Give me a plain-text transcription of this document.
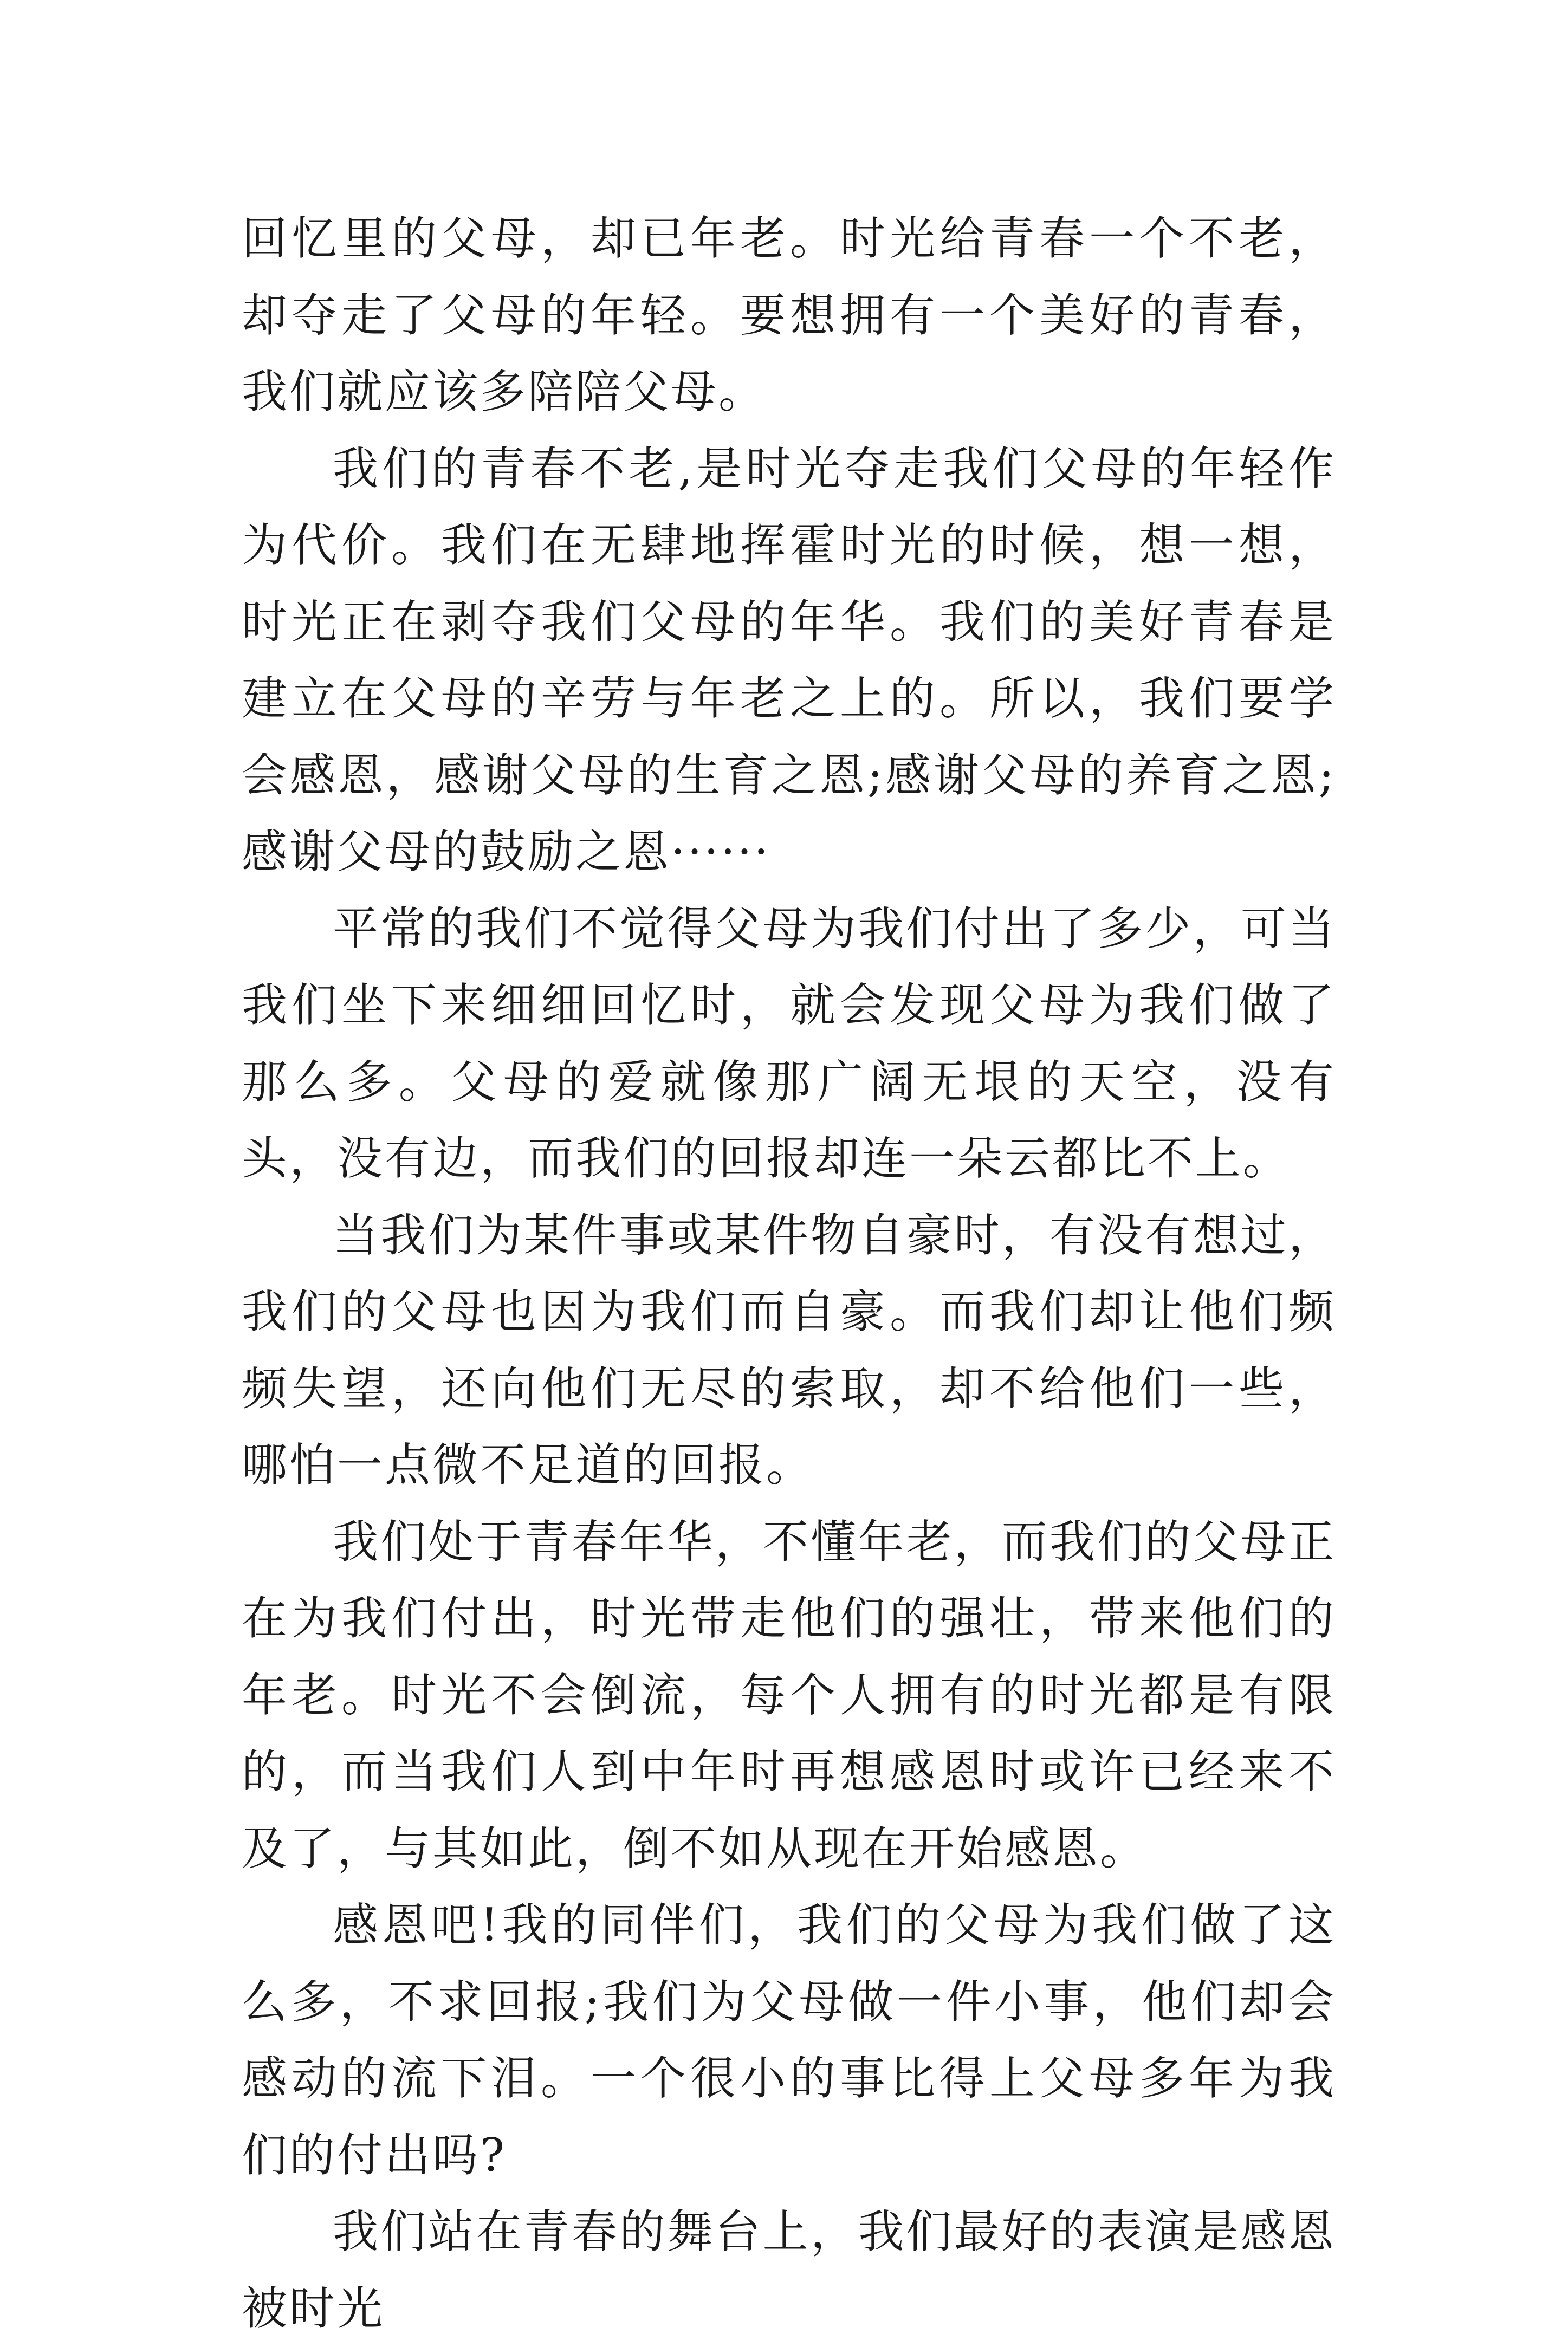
回忆里的父母，却已年老。时光给青春一个不老，却夺走了父母的年轻。要想拥有一个美好的青春，我们就应该多陪陪父母。

我们的青春不老,是时光夺走我们父母的年轻作为代价。我们在无肆地挥霍时光的时候，想一想，时光正在剥夺我们父母的年华。我们的美好青春是建立在父母的辛劳与年老之上的。所以，我们要学会感恩，感谢父母的生育之恩;感谢父母的养育之恩;感谢父母的鼓励之恩······

平常的我们不觉得父母为我们付出了多少，可当我们坐下来细细回忆时，就会发现父母为我们做了那么多。父母的爱就像那广阔无垠的天空，没有头，没有边，而我们的回报却连一朵云都比不上。

当我们为某件事或某件物自豪时，有没有想过，我们的父母也因为我们而自豪。而我们却让他们频频失望，还向他们无尽的索取，却不给他们一些，哪怕一点微不足道的回报。

我们处于青春年华，不懂年老，而我们的父母正在为我们付出，时光带走他们的强壮，带来他们的年老。时光不会倒流，每个人拥有的时光都是有限的，而当我们人到中年时再想感恩时或许已经来不及了，与其如此，倒不如从现在开始感恩。

感恩吧!我的同伴们，我们的父母为我们做了这么多，不求回报;我们为父母做一件小事，他们却会感动的流下泪。一个很小的事比得上父母多年为我们的付出吗?

我们站在青春的舞台上，我们最好的表演是感恩被时光
